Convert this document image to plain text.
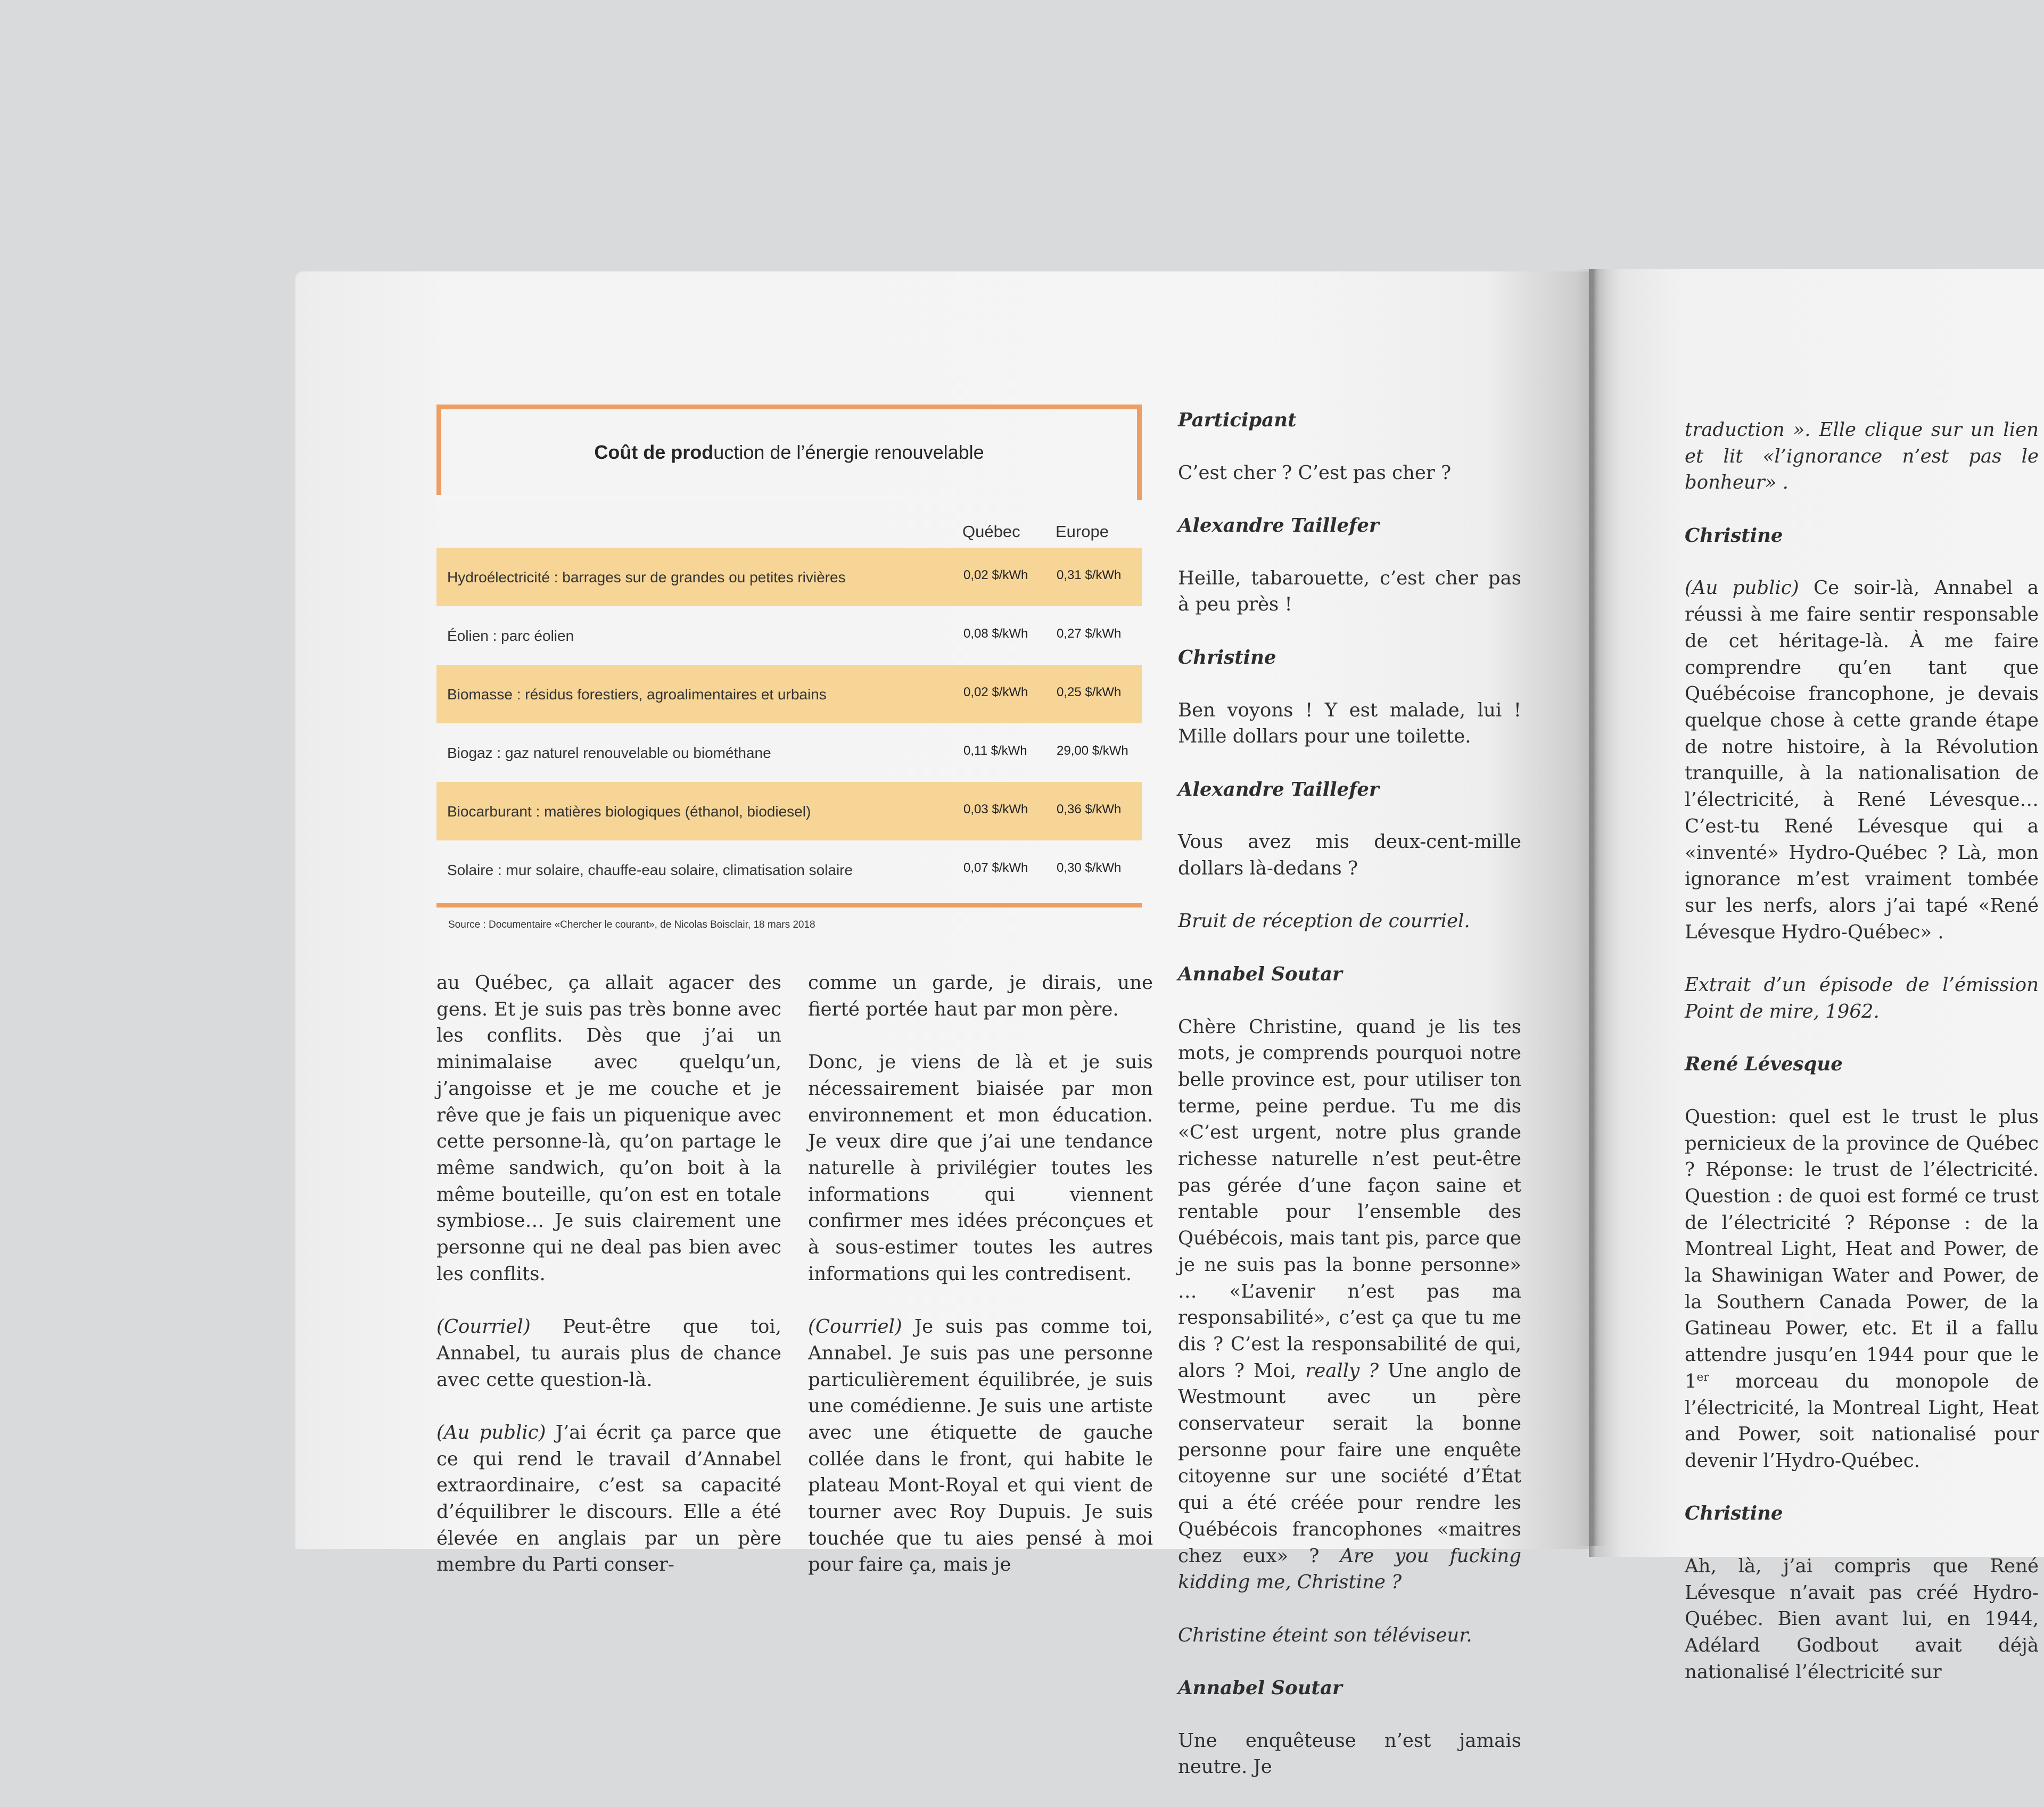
Coût de production de l’énergie renouvelable
Québec Europe
Hydroélectricité : barrages sur de grandes ou petites rivières	0,02 $/kWh 0,31 $/kWh
Éolien : parc éolien	0,08 $/kWh 0,27 $/kWh
Biomasse : résidus forestiers, agroalimentaires et urbains	0,02 $/kWh 0,25 $/kWh
Biogaz : gaz naturel renouvelable ou biométhane	0,11 $/kWh 29,00 $/kWh
Biocarburant : matières biologiques (éthanol, biodiesel)	0,03 $/kWh 0,36 $/kWh
Solaire : mur solaire, chauffe-eau solaire, climatisation solaire	0,07 $/kWh 0,30 $/kWh
Source : Documentaire «Chercher le courant», de Nicolas Boisclair, 18 mars 2018

au Québec, ça allait agacer des gens. Et je suis pas très bonne avec les conflits. Dès que j’ai un minimalaise avec quelqu’un, j’angoisse et je me couche et je rêve que je fais un piquenique avec cette personne-là, qu’on partage le même sandwich, qu’on boit à la même bouteille, qu’on est en totale symbiose… Je suis clairement une personne qui ne deal pas bien avec les conflits.

(Courriel) Peut-être que toi, Annabel, tu aurais plus de chance avec cette question-là.

(Au public) J’ai écrit ça parce que ce qui rend le travail d’Annabel extraordinaire, c’est sa capacité d’équilibrer le discours. Elle a été élevée en anglais par un père membre du Parti conser-

comme un garde, je dirais, une fierté portée haut par mon père.

Donc, je viens de là et je suis nécessairement biaisée par mon environnement et mon éducation. Je veux dire que j’ai une tendance naturelle à privilégier toutes les informations qui viennent confirmer mes idées préconçues et à sous-estimer toutes les autres informations qui les contredisent.

(Courriel) Je suis pas comme toi, Annabel. Je suis pas une personne particulièrement équilibrée, je suis une comédienne. Je suis une artiste avec une étiquette de gauche collée dans le front, qui habite le plateau Mont-Royal et qui vient de tourner avec Roy Dupuis. Je suis touchée que tu aies pensé à moi pour faire ça, mais je

Participant

C’est cher ? C’est pas cher ?

Alexandre Taillefer

Heille, tabarouette, c’est cher pas à peu près !

Christine

Ben voyons ! Y est malade, lui ! Mille dollars pour une toilette.

Alexandre Taillefer

Vous avez mis deux-cent-mille dollars là-dedans ?

Bruit de réception de courriel.

Annabel Soutar

Chère Christine, quand je lis tes mots, je comprends pourquoi notre belle province est, pour utiliser ton terme, peine perdue. Tu me dis «C’est urgent, notre plus grande richesse naturelle n’est peut-être pas gérée d’une façon saine et rentable pour l’ensemble des Québécois, mais tant pis, parce que je ne suis pas la bonne personne» … «L’avenir n’est pas ma responsabilité», c’est ça que tu me dis ? C’est la responsabilité de qui, alors ? Moi, really ? Une anglo de Westmount avec un père conservateur serait la bonne personne pour faire une enquête citoyenne sur une société d’État qui a été créée pour rendre les Québécois francophones «maitres chez eux» ? Are you fucking kidding me, Christine ?

Christine éteint son téléviseur.

Annabel Soutar

Une enquêteuse n’est jamais neutre. Je

traduction ». Elle clique sur un lien et lit «l’ignorance n’est pas le bonheur» .

Christine

(Au public) Ce soir-là, Annabel a réussi à me faire sentir responsable de cet héritage-là. À me faire comprendre qu’en tant que Québécoise francophone, je devais quelque chose à cette grande étape de notre histoire, à la Révolution tranquille, à la nationalisation de l’électricité, à René Lévesque… C’est-tu René Lévesque qui a «inventé» Hydro-Québec ? Là, mon ignorance m’est vraiment tombée sur les nerfs, alors j’ai tapé «René Lévesque Hydro-Québec» .

Extrait d’un épisode de l’émission Point de mire, 1962.

René Lévesque

Question: quel est le trust le plus pernicieux de la province de Québec ? Réponse: le trust de l’électricité. Question : de quoi est formé ce trust de l’électricité ? Réponse : de la Montreal Light, Heat and Power, de la Shawinigan Water and Power, de la Southern Canada Power, de la Gatineau Power, etc. Et il a fallu attendre jusqu’en 1944 pour que le 1er morceau du monopole de l’électricité, la Montreal Light, Heat and Power, soit nationalisé pour devenir l’Hydro-Québec.

Christine

Ah, là, j’ai compris que René Lévesque n’avait pas créé Hydro-Québec. Bien avant lui, en 1944, Adélard Godbout avait déjà nationalisé l’électricité sur
